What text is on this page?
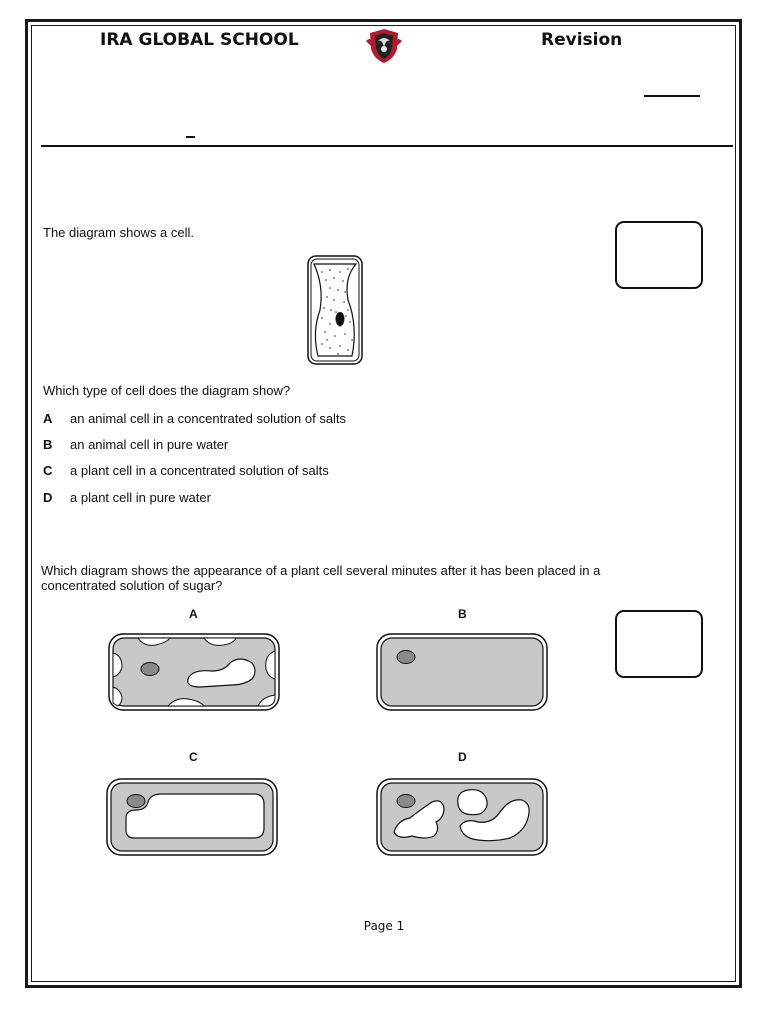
IRA GLOBAL SCHOOL	Revision
The diagram shows a cell.
Which type of cell does the diagram show?
A an animal cell in a concentrated solution of salts
B an animal cell in pure water
C a plant cell in a concentrated solution of salts
D a plant cell in pure water
Which diagram shows the appearance of a plant cell several minutes after it has been placed in a
concentrated solution of sugar?
A	B
C	D
Page 1
